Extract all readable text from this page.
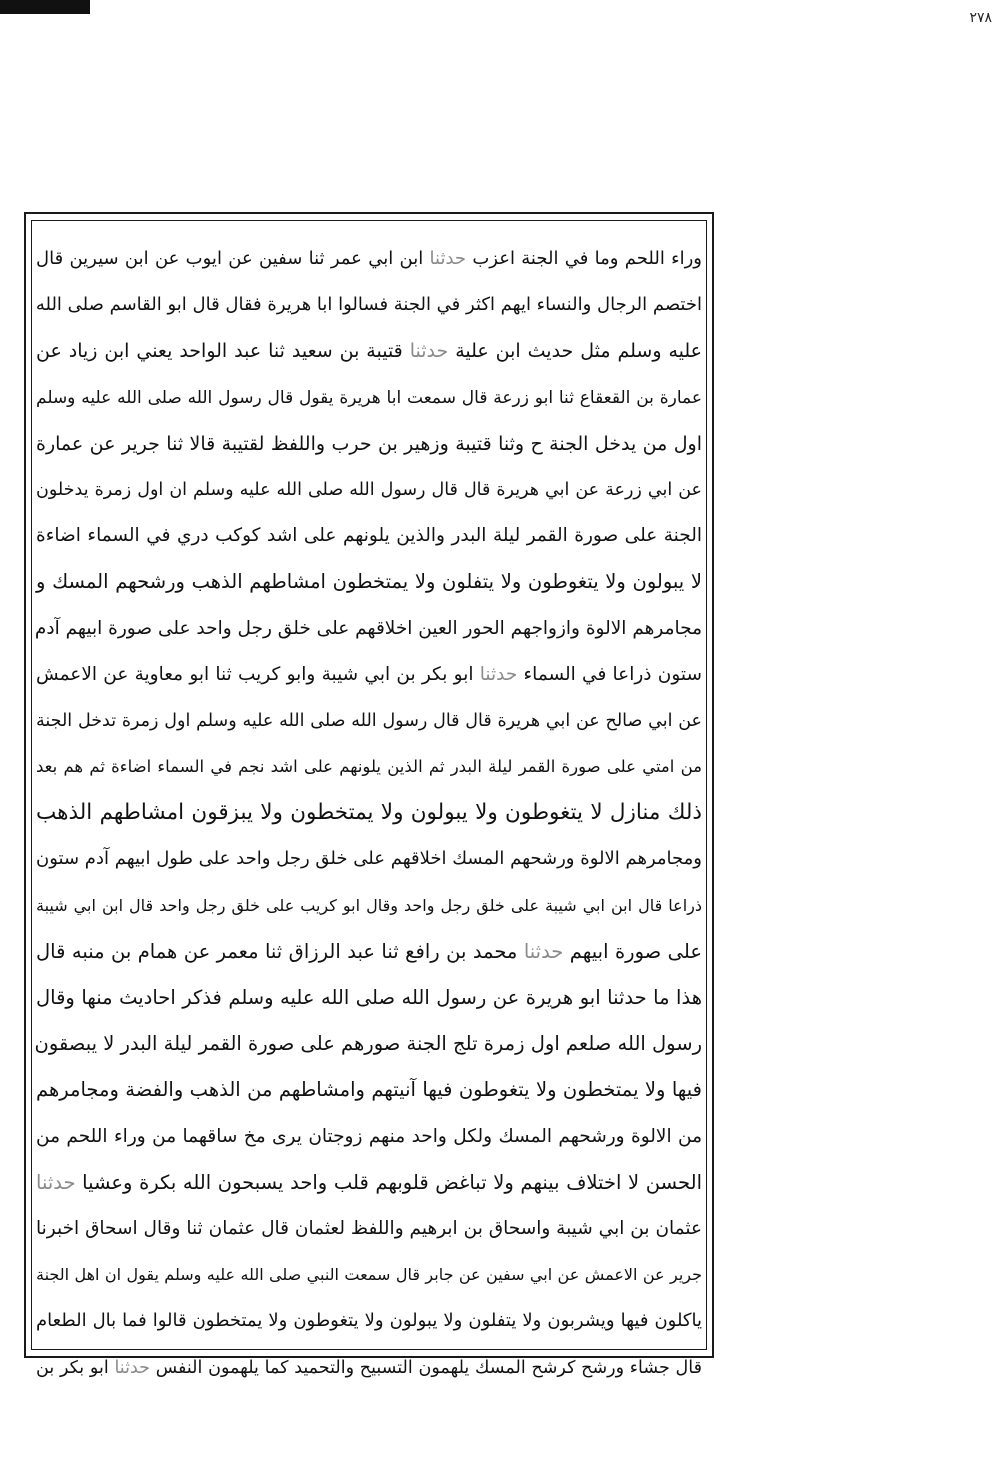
٢٧٨
وراء اللحم وما في الجنة اعزب حدثنا ابن ابي عمر ثنا سفين عن ايوب عن ابن سيرين قال
اختصم الرجال والنساء ايهم اكثر في الجنة فسالوا ابا هريرة فقال قال ابو القاسم صلى الله
عليه وسلم مثل حديث ابن علية حدثنا قتيبة بن سعيد ثنا عبد الواحد يعني ابن زياد عن
عمارة بن القعقاع ثنا ابو زرعة قال سمعت ابا هريرة يقول قال رسول الله صلى الله عليه وسلم
اول من يدخل الجنة ح وثنا قتيبة وزهير بن حرب واللفظ لقتيبة قالا ثنا جرير عن عمارة
عن ابي زرعة عن ابي هريرة قال قال رسول الله صلى الله عليه وسلم ان اول زمرة يدخلون
الجنة على صورة القمر ليلة البدر والذين يلونهم على اشد كوكب دري في السماء اضاءة
لا يبولون ولا يتغوطون ولا يتفلون ولا يمتخطون امشاطهم الذهب ورشحهم المسك و
مجامرهم الالوة وازواجهم الحور العين اخلاقهم على خلق رجل واحد على صورة ابيهم آدم
ستون ذراعا في السماء حدثنا ابو بكر بن ابي شيبة وابو كريب ثنا ابو معاوية عن الاعمش
عن ابي صالح عن ابي هريرة قال قال رسول الله صلى الله عليه وسلم اول زمرة تدخل الجنة
من امتي على صورة القمر ليلة البدر ثم الذين يلونهم على اشد نجم في السماء اضاءة ثم هم بعد
ذلك منازل لا يتغوطون ولا يبولون ولا يمتخطون ولا يبزقون امشاطهم الذهب
ومجامرهم الالوة ورشحهم المسك اخلاقهم على خلق رجل واحد على طول ابيهم آدم ستون
ذراعا قال ابن ابي شيبة على خلق رجل واحد وقال ابو كريب على خلق رجل واحد قال ابن ابي شيبة
على صورة ابيهم حدثنا محمد بن رافع ثنا عبد الرزاق ثنا معمر عن همام بن منبه قال
هذا ما حدثنا ابو هريرة عن رسول الله صلى الله عليه وسلم فذكر احاديث منها وقال
رسول الله صلعم اول زمرة تلج الجنة صورهم على صورة القمر ليلة البدر لا يبصقون
فيها ولا يمتخطون ولا يتغوطون فيها آنيتهم وامشاطهم من الذهب والفضة ومجامرهم
من الالوة ورشحهم المسك ولكل واحد منهم زوجتان يرى مخ ساقهما من وراء اللحم من
الحسن لا اختلاف بينهم ولا تباغض قلوبهم قلب واحد يسبحون الله بكرة وعشيا حدثنا
عثمان بن ابي شيبة واسحاق بن ابرهيم واللفظ لعثمان قال عثمان ثنا وقال اسحاق اخبرنا
جرير عن الاعمش عن ابي سفين عن جابر قال سمعت النبي صلى الله عليه وسلم يقول ان اهل الجنة
ياكلون فيها ويشربون ولا يتفلون ولا يبولون ولا يتغوطون ولا يمتخطون قالوا فما بال الطعام
قال جشاء ورشح كرشح المسك يلهمون التسبيح والتحميد كما يلهمون النفس حدثنا ابو بكر بن
